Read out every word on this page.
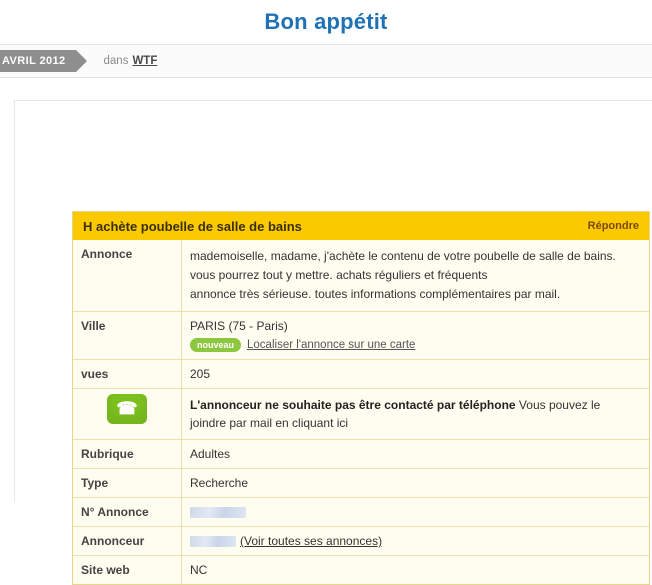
Bon appétit
AVRIL 2012	dans WTF
H achète poubelle de salle de bains	Répondre
Annonce	mademoiselle, madame, j'achète le contenu de votre poubelle de salle de bains.
vous pourrez tout y mettre. achats réguliers et fréquents
annonce très sérieuse. toutes informations complémentaires par mail.

Ville	PARIS (75 - Paris)
nouveau Localiser l'annonce sur une carte

vues	205
☎	L'annonceur ne souhaite pas être contacté par téléphone Vous pouvez le
joindre par mail en cliquant ici

Rubrique	Adultes
Type	Recherche
N° Annonce	
Annonceur	(Voir toutes ses annonces)
Site web	NC
